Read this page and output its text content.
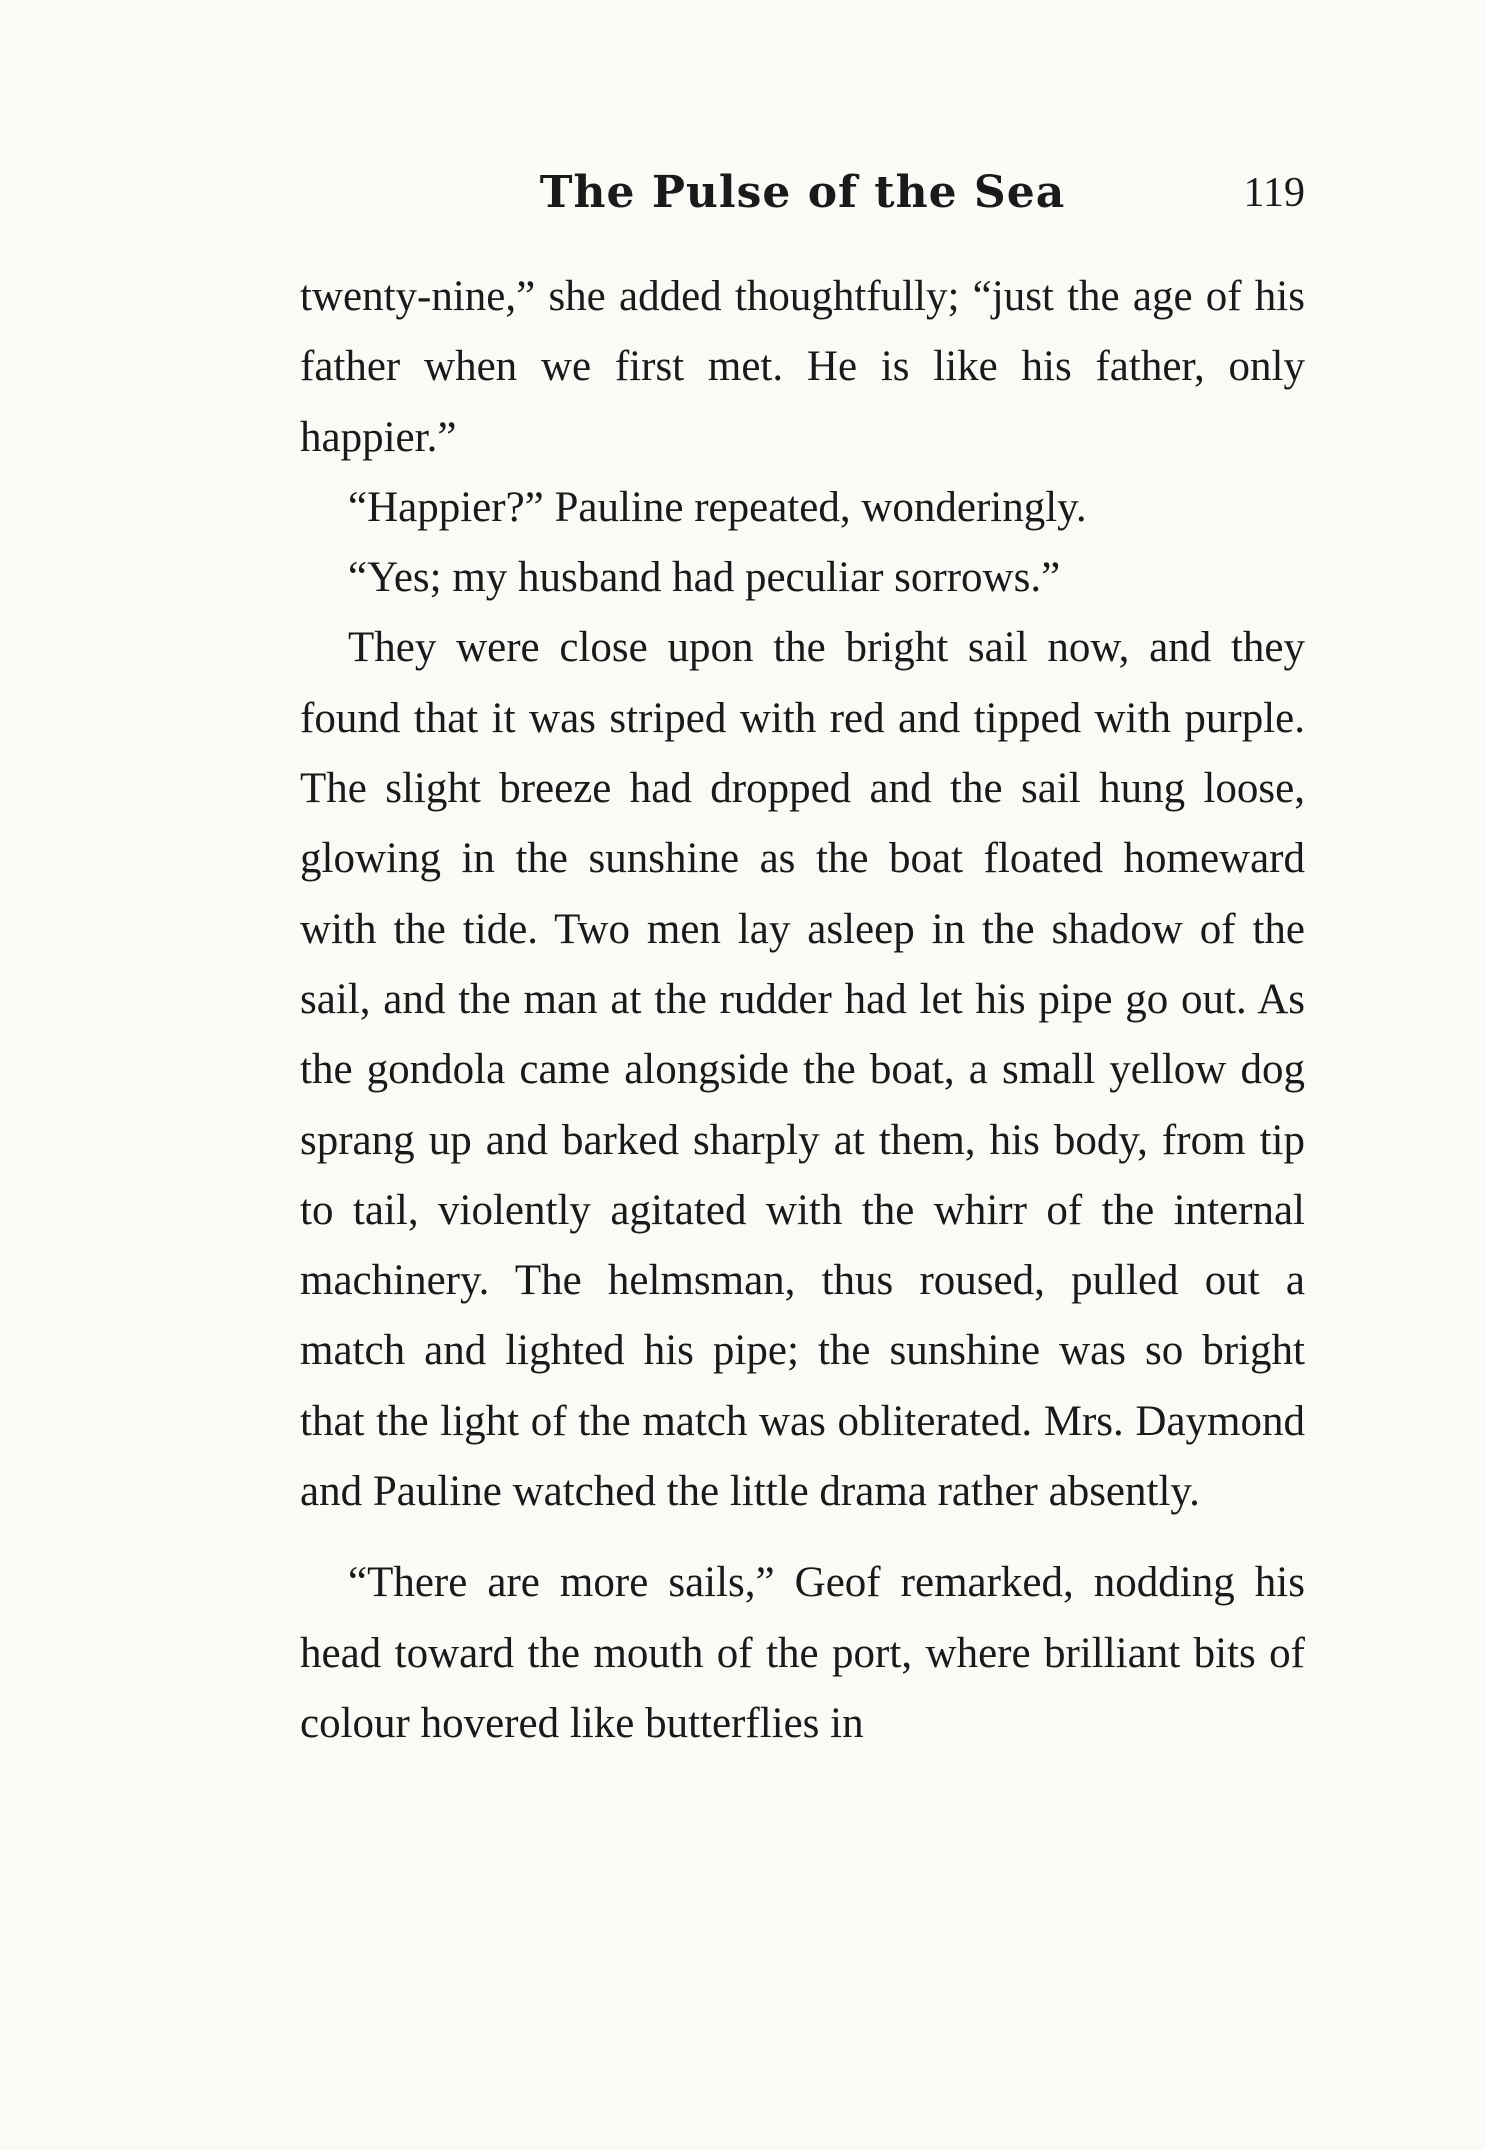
The Pulse of the Sea	119

twenty-nine,” she added thoughtfully; “just the age of his father when we first met. He is like his father, only happier.”

“Happier?” Pauline repeated, wonderingly.

“Yes; my husband had peculiar sorrows.”

They were close upon the bright sail now, and they found that it was striped with red and tipped with purple. The slight breeze had dropped and the sail hung loose, glowing in the sunshine as the boat floated homeward with the tide. Two men lay asleep in the shadow of the sail, and the man at the rudder had let his pipe go out. As the gondola came alongside the boat, a small yellow dog sprang up and barked sharply at them, his body, from tip to tail, violently agitated with the whirr of the internal machinery. The helmsman, thus roused, pulled out a match and lighted his pipe; the sunshine was so bright that the light of the match was obliterated. Mrs. Daymond and Pauline watched the little drama rather absently.

“There are more sails,” Geof remarked, nodding his head toward the mouth of the port, where brilliant bits of colour hovered like butterflies in
